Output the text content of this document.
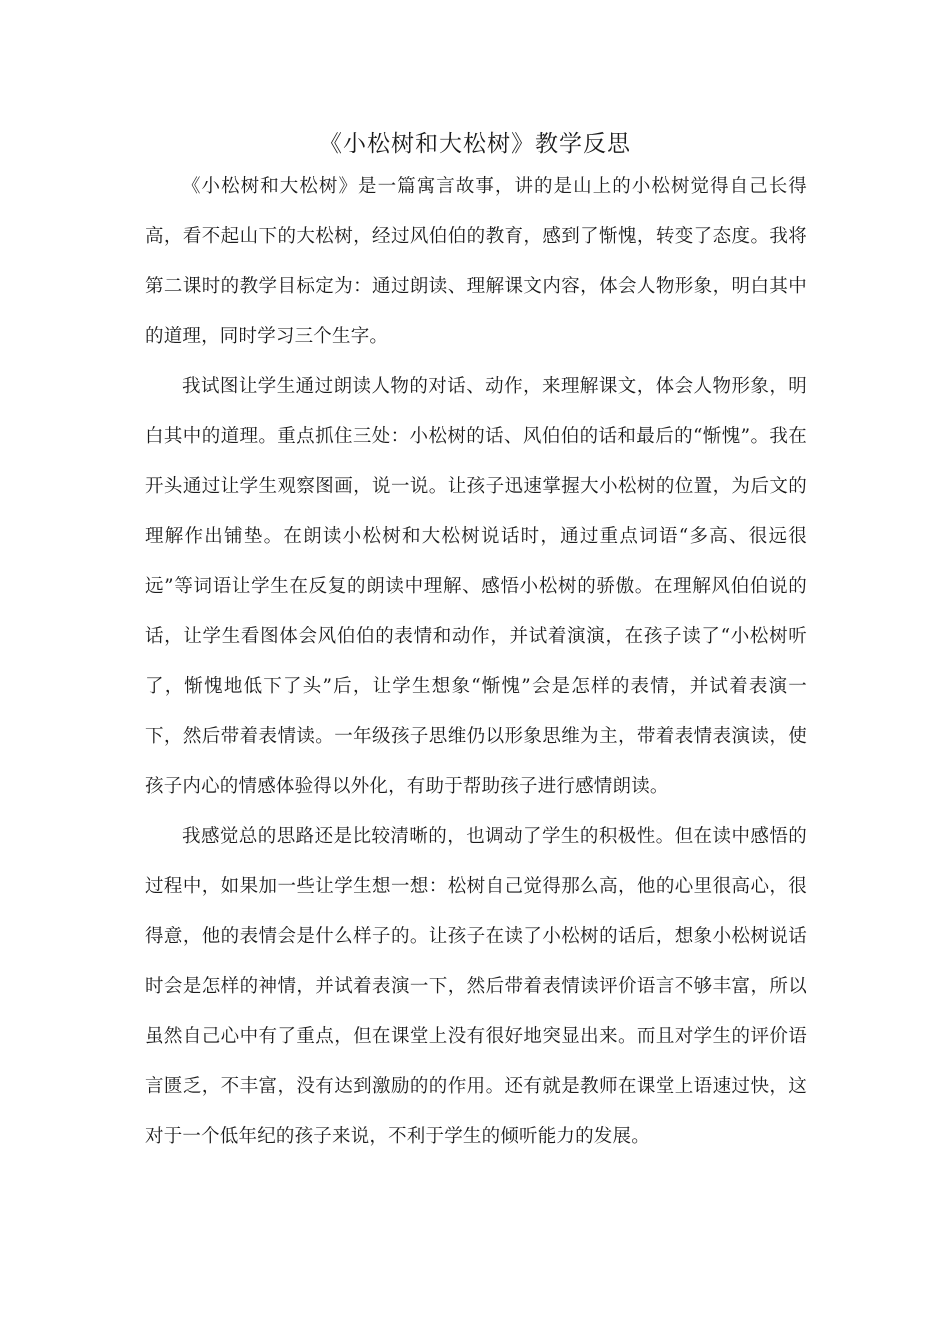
《小松树和大松树》教学反思

《小松树和大松树》是一篇寓言故事，讲的是山上的小松树觉得自己长得高，看不起山下的大松树，经过风伯伯的教育，感到了惭愧，转变了态度。我将第二课时的教学目标定为：通过朗读、理解课文内容，体会人物形象，明白其中的道理，同时学习三个生字。

我试图让学生通过朗读人物的对话、动作，来理解课文，体会人物形象，明白其中的道理。重点抓住三处：小松树的话、风伯伯的话和最后的“惭愧”。我在开头通过让学生观察图画，说一说。让孩子迅速掌握大小松树的位置，为后文的理解作出铺垫。在朗读小松树和大松树说话时，通过重点词语“多高、很远很远”等词语让学生在反复的朗读中理解、感悟小松树的骄傲。在理解风伯伯说的话，让学生看图体会风伯伯的表情和动作，并试着演演，在孩子读了“小松树听了，惭愧地低下了头”后，让学生想象“惭愧”会是怎样的表情，并试着表演一下，然后带着表情读。一年级孩子思维仍以形象思维为主，带着表情表演读，使孩子内心的情感体验得以外化，有助于帮助孩子进行感情朗读。

我感觉总的思路还是比较清晰的，也调动了学生的积极性。但在读中感悟的过程中，如果加一些让学生想一想：松树自己觉得那么高，他的心里很高心，很得意，他的表情会是什么样子的。让孩子在读了小松树的话后，想象小松树说话时会是怎样的神情，并试着表演一下，然后带着表情读评价语言不够丰富，所以虽然自己心中有了重点，但在课堂上没有很好地突显出来。而且对学生的评价语言匮乏，不丰富，没有达到激励的的作用。还有就是教师在课堂上语速过快，这对于一个低年纪的孩子来说，不利于学生的倾听能力的发展。
